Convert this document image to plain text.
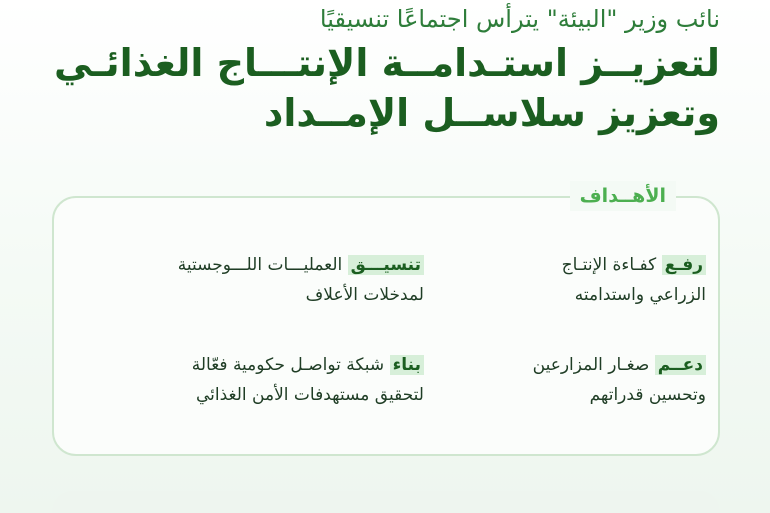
نائب وزير "البيئة" يترأس اجتماعًا تنسيقيًا
لتعزيــز استـدامــة الإنتـــاج الغذائـي
وتعزيز سلاســل الإمــداد
الأهــداف
رفـع كفـاءة الإنتـاج
الزراعي واستدامته
تنسيـــق العمليـــات اللـــوجستية
لمدخلات الأعلاف
دعــم صغـار المزارعين
وتحسين قدراتهم
بناء شبكة تواصـل حكومية فعّالة
لتحقيق مستهدفات الأمن الغذائي
